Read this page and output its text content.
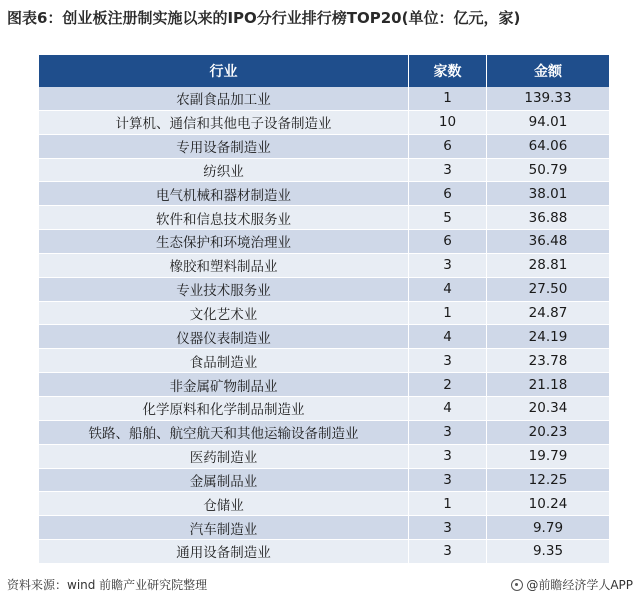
图表6：创业板注册制实施以来的IPO分行业排行榜TOP20(单位：亿元，家)
行业	家数	金额
农副食品加工业	1	139.33
计算机、通信和其他电子设备制造业	10	94.01
专用设备制造业	6	64.06
纺织业	3	50.79
电气机械和器材制造业	6	38.01
软件和信息技术服务业	5	36.88
生态保护和环境治理业	6	36.48
橡胶和塑料制品业	3	28.81
专业技术服务业	4	27.50
文化艺术业	1	24.87
仪器仪表制造业	4	24.19
食品制造业	3	23.78
非金属矿物制品业	2	21.18
化学原料和化学制品制造业	4	20.34
铁路、船舶、航空航天和其他运输设备制造业	3	20.23
医药制造业	3	19.79
金属制品业	3	12.25
仓储业	1	10.24
汽车制造业	3	9.79
通用设备制造业	3	9.35
资料来源：wind 前瞻产业研究院整理	@前瞻经济学人APP
